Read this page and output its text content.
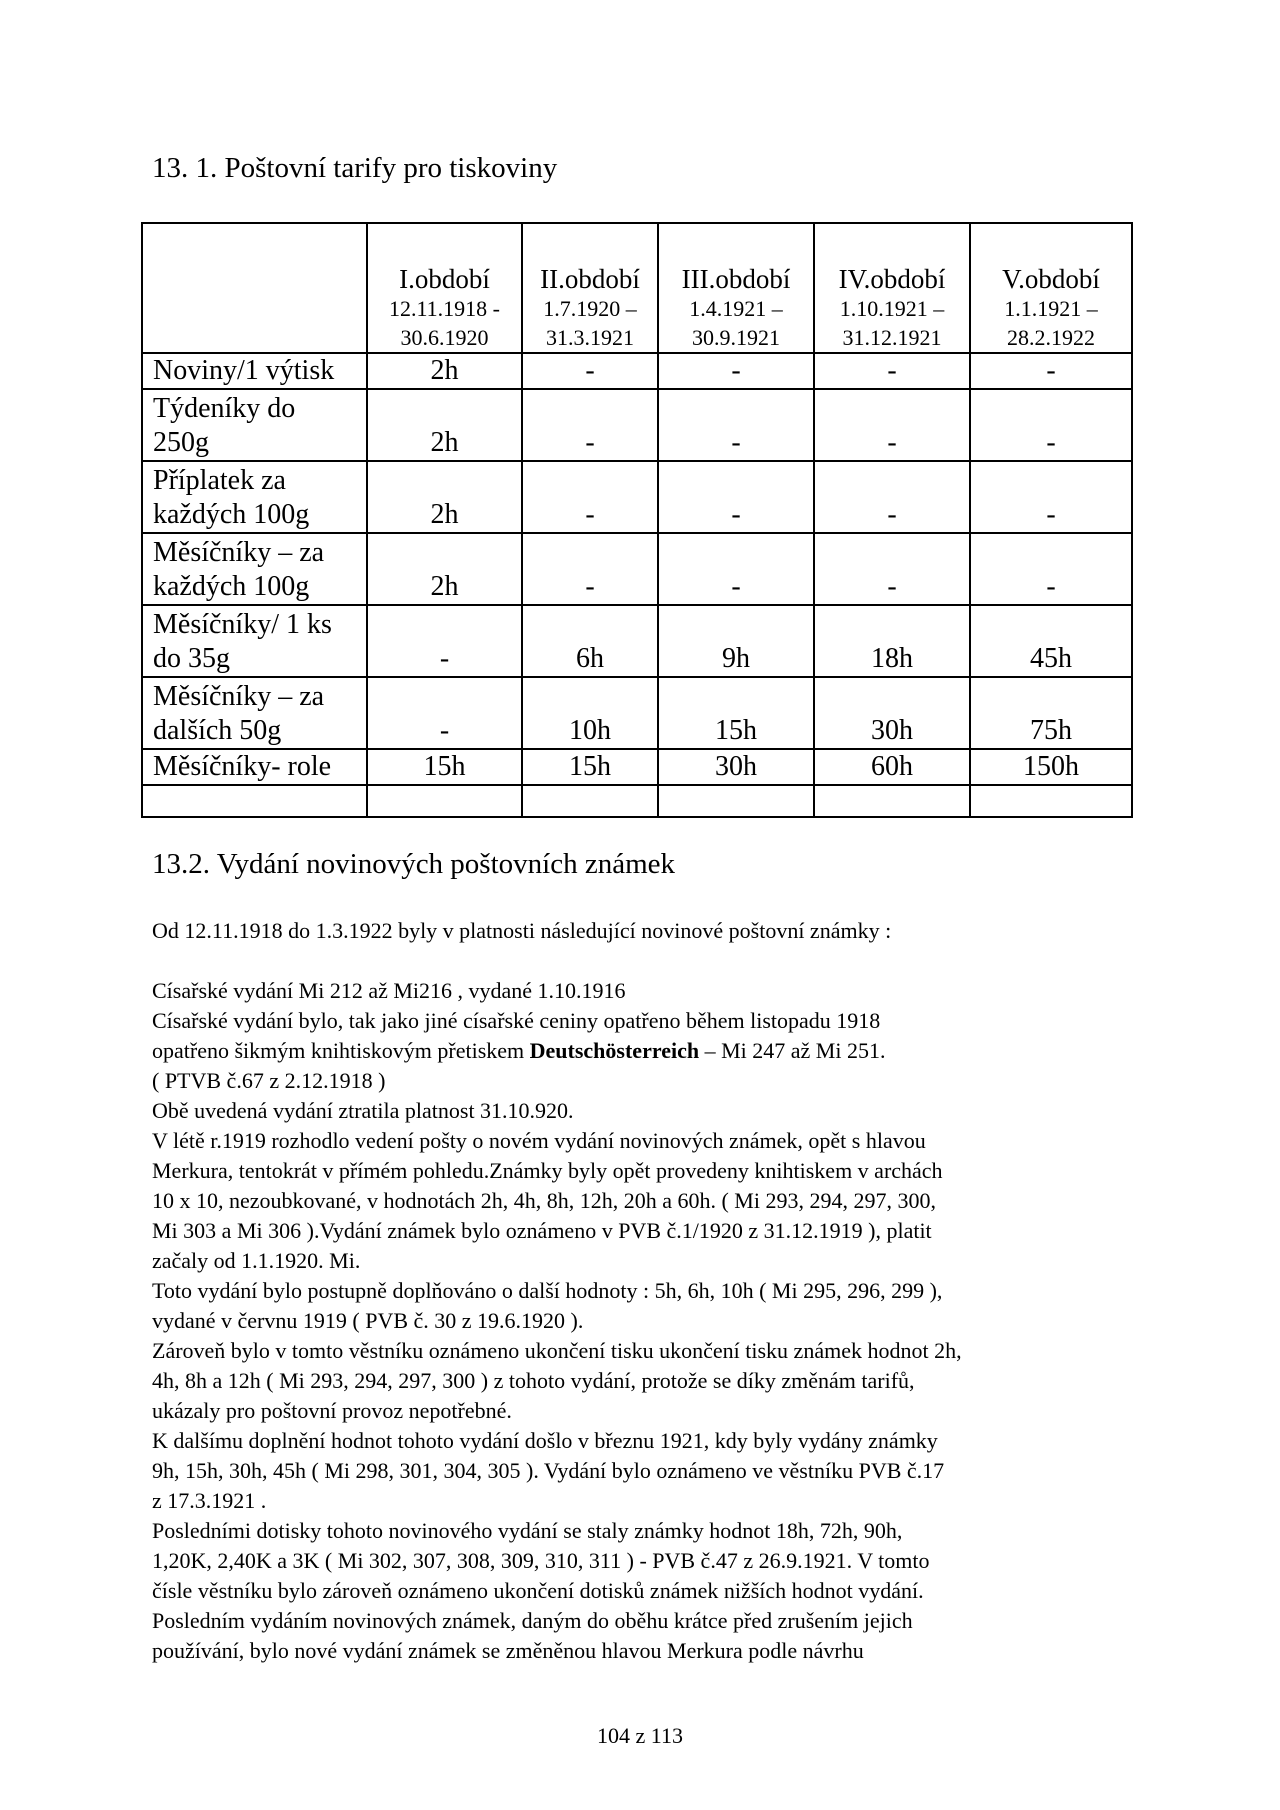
13. 1. Poštovní tarify pro tiskoviny

	I.období
12.11.1918 -
30.6.1920	II.období
1.7.1920 –
31.3.1921	III.období
1.4.1921 –
30.9.1921	IV.období
1.10.1921 –
31.12.1921	V.období
1.1.1921 –
28.2.1922

Noviny/1 výtisk	2h	-	-	-	-
Týdeníky do
250g	2h	-	-	-	-
Příplatek za
každých 100g	2h	-	-	-	-
Měsíčníky – za
každých 100g	2h	-	-	-	-
Měsíčníky/ 1 ks
do 35g	-	6h	9h	18h	45h
Měsíčníky – za
dalších 50g	-	10h	15h	30h	75h
Měsíčníky- role	15h	15h	30h	60h	150h

13.2. Vydání novinových poštovních známek

Od 12.11.1918 do 1.3.1922 byly v platnosti následující novinové poštovní známky :

Císařské vydání Mi 212 až Mi216 , vydané 1.10.1916

Císařské vydání bylo, tak jako jiné císařské ceniny opatřeno během listopadu 1918

opatřeno šikmým knihtiskovým přetiskem Deutschösterreich – Mi 247 až Mi 251.

( PTVB č.67 z 2.12.1918 )

Obě uvedená vydání ztratila platnost 31.10.920.

V létě r.1919 rozhodlo vedení pošty o novém vydání novinových známek, opět s hlavou

Merkura, tentokrát v přímém pohledu.Známky byly opět provedeny knihtiskem v archách

10 x 10, nezoubkované, v hodnotách 2h, 4h, 8h, 12h, 20h a 60h. ( Mi 293, 294, 297, 300,

Mi 303 a Mi 306 ).Vydání známek bylo oznámeno v PVB č.1/1920 z 31.12.1919 ), platit

začaly od 1.1.1920. Mi.

Toto vydání bylo postupně doplňováno o další hodnoty : 5h, 6h, 10h ( Mi 295, 296, 299 ),

vydané v červnu 1919 ( PVB č. 30 z 19.6.1920 ).

Zároveň bylo v tomto věstníku oznámeno ukončení tisku ukončení tisku známek hodnot 2h,

4h, 8h a 12h ( Mi 293, 294, 297, 300 ) z tohoto vydání, protože se díky změnám tarifů,

ukázaly pro poštovní provoz nepotřebné.

K dalšímu doplnění hodnot tohoto vydání došlo v březnu 1921, kdy byly vydány známky

9h, 15h, 30h, 45h ( Mi 298, 301, 304, 305 ). Vydání bylo oznámeno ve věstníku PVB č.17

z 17.3.1921 .

Posledními dotisky tohoto novinového vydání se staly známky hodnot 18h, 72h, 90h,

1,20K, 2,40K a 3K ( Mi 302, 307, 308, 309, 310, 311 ) - PVB č.47 z 26.9.1921. V tomto

čísle věstníku bylo zároveň oznámeno ukončení dotisků známek nižších hodnot vydání.

Posledním vydáním novinových známek, daným do oběhu krátce před zrušením jejich

používání, bylo nové vydání známek se změněnou hlavou Merkura podle návrhu

104 z 113
